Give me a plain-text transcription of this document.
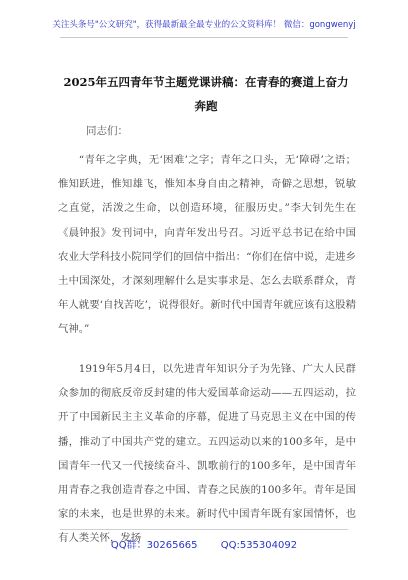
关注头条号"公文研究"，获得最新最全最专业的公文资料库！ 微信：gongwenyj
2025年五四青年节主题党课讲稿：在青春的赛道上奋力奔跑
同志们：
“青年之字典，无‘困难’之字；青年之口头，无‘障碍’之语；惟知跃进，惟知雄飞，惟知本身自由之精神，奇僻之思想，锐敏之直觉，活泼之生命，以创造环境，征服历史。”李大钊先生在《晨钟报》发刊词中，向青年发出号召。习近平总书记在给中国农业大学科技小院同学们的回信中指出：“你们在信中说，走进乡土中国深处，才深刻理解什么是实事求是、怎么去联系群众，青年人就要‘自找苦吃’，说得很好。新时代中国青年就应该有这股精气神。”
1919年5月4日，以先进青年知识分子为先锋、广大人民群众参加的彻底反帝反封建的伟大爱国革命运动——五四运动，拉开了中国新民主主义革命的序幕，促进了马克思主义在中国的传播，推动了中国共产党的建立。五四运动以来的100多年，是中国青年一代又一代接续奋斗、凯歌前行的100多年，是中国青年用青春之我创造青春之中国、青春之民族的100多年。青年是国家的未来，也是世界的未来。新时代中国青年既有家国情怀，也有人类关怀，发扬
QQ群：30265665 QQ:535304092
